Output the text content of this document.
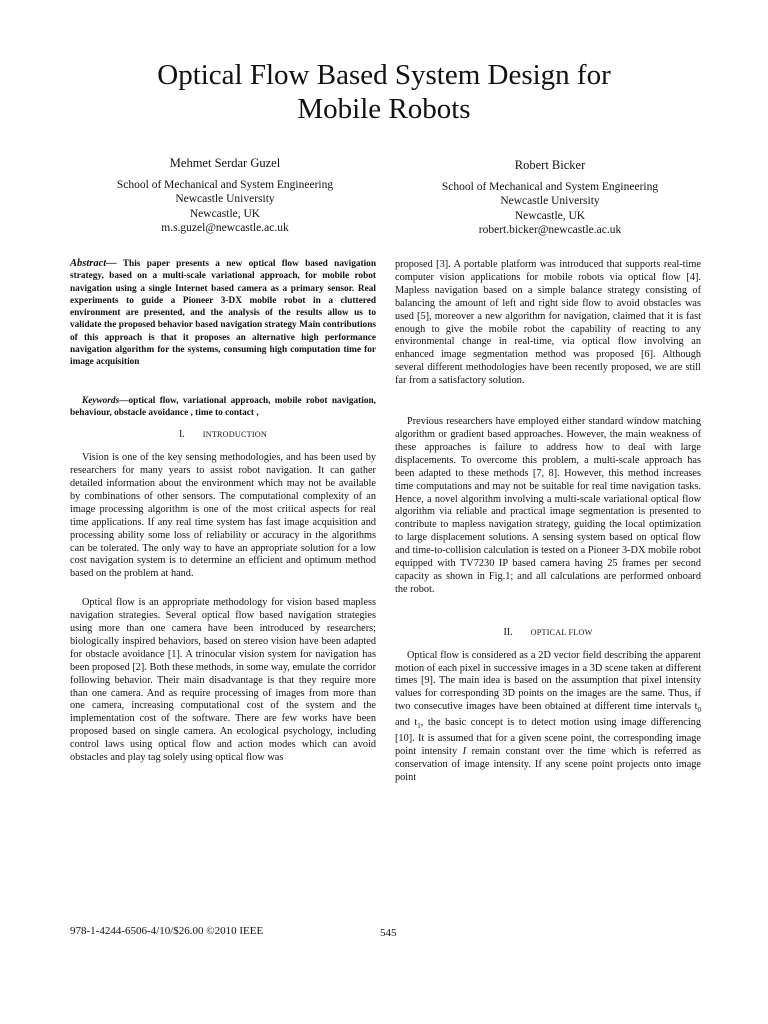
Optical Flow Based System Design for
Mobile Robots
Mehmet Serdar Guzel
School of Mechanical and System Engineering
Newcastle University
Newcastle, UK
m.s.guzel@newcastle.ac.uk
Robert Bicker
School of Mechanical and System Engineering
Newcastle University
Newcastle, UK
robert.bicker@newcastle.ac.uk

Abstract— This paper presents a new optical flow based navigation strategy, based on a multi-scale variational approach, for mobile robot navigation using a single Internet based camera as a primary sensor. Real experiments to guide a Pioneer 3-DX mobile robot in a cluttered environment are presented, and the analysis of the results allow us to validate the proposed behavior based navigation strategy Main contributions of this approach is that it proposes an alternative high performance navigation algorithm for the systems, consuming high computation time for image acquisition

Keywords—optical flow, variational approach, mobile robot navigation, behaviour, obstacle avoidance , time to contact ,

I. INTRODUCTION

Vision is one of the key sensing methodologies, and has been used by researchers for many years to assist robot navigation. It can gather detailed information about the environment which may not be available by combinations of other sensors. The computational complexity of an image processing algorithm is one of the most critical aspects for real time applications. If any real time system has fast image acquisition and processing ability some loss of reliability or accuracy in the algorithms can be tolerated. The only way to have an appropriate solution for a low cost navigation system is to determine an efficient and optimum method based on the problem at hand.

Optical flow is an appropriate methodology for vision based mapless navigation strategies. Several optical flow based navigation strategies using more than one camera have been introduced by researchers; biologically inspired behaviors, based on stereo vision have been adapted for obstacle avoidance [1]. A trinocular vision system for navigation has been proposed [2]. Both these methods, in some way, emulate the corridor following behavior. Their main disadvantage is that they require more than one camera. And as require processing of images from more than one camera, increasing computational cost of the system and the implementation cost of the software. There are few works have been proposed based on single camera. An ecological psychology, including control laws using optical flow and action modes which can avoid obstacles and play tag solely using optical flow was

proposed [3]. A portable platform was introduced that supports real-time computer vision applications for mobile robots via optical flow [4]. Mapless navigation based on a simple balance strategy consisting of balancing the amount of left and right side flow to avoid obstacles was used [5], moreover a new algorithm for navigation, claimed that it is fast enough to give the mobile robot the capability of reacting to any environmental change in real-time, via optical flow involving an enhanced image segmentation method was proposed [6]. Although several different methodologies have been recently proposed, we are still far from a satisfactory solution.

Previous researchers have employed either standard window matching algorithm or gradient based approaches. However, the main weakness of these approaches is failure to address how to deal with large displacements. To overcome this problem, a multi-scale approach has been adapted to these methods [7, 8]. However, this method increases time computations and may not be suitable for real time navigation tasks. Hence, a novel algorithm involving a multi-scale variational optical flow algorithm via reliable and practical image segmentation is presented to contribute to mapless navigation strategy, guiding the local optimization to large displacement solutions. A sensing system based on optical flow and time-to-collision calculation is tested on a Pioneer 3-DX mobile robot equipped with TV7230 IP based camera having 25 frames per second capacity as shown in Fig.1; and all calculations are performed onboard the robot.

II. OPTICAL FLOW

Optical flow is considered as a 2D vector field describing the apparent motion of each pixel in successive images in a 3D scene taken at different times [9]. The main idea is based on the assumption that pixel intensity values for corresponding 3D points on the images are the same. Thus, if two consecutive images have been obtained at different time intervals $t_0$ and $t_1$, the basic concept is to detect motion using image differencing [10]. It is assumed that for a given scene point, the corresponding image point intensity I remain constant over the time which is referred as conservation of image intensity. If any scene point projects onto image point

978-1-4244-6506-4/10/$26.00 ©2010 IEEE	545
